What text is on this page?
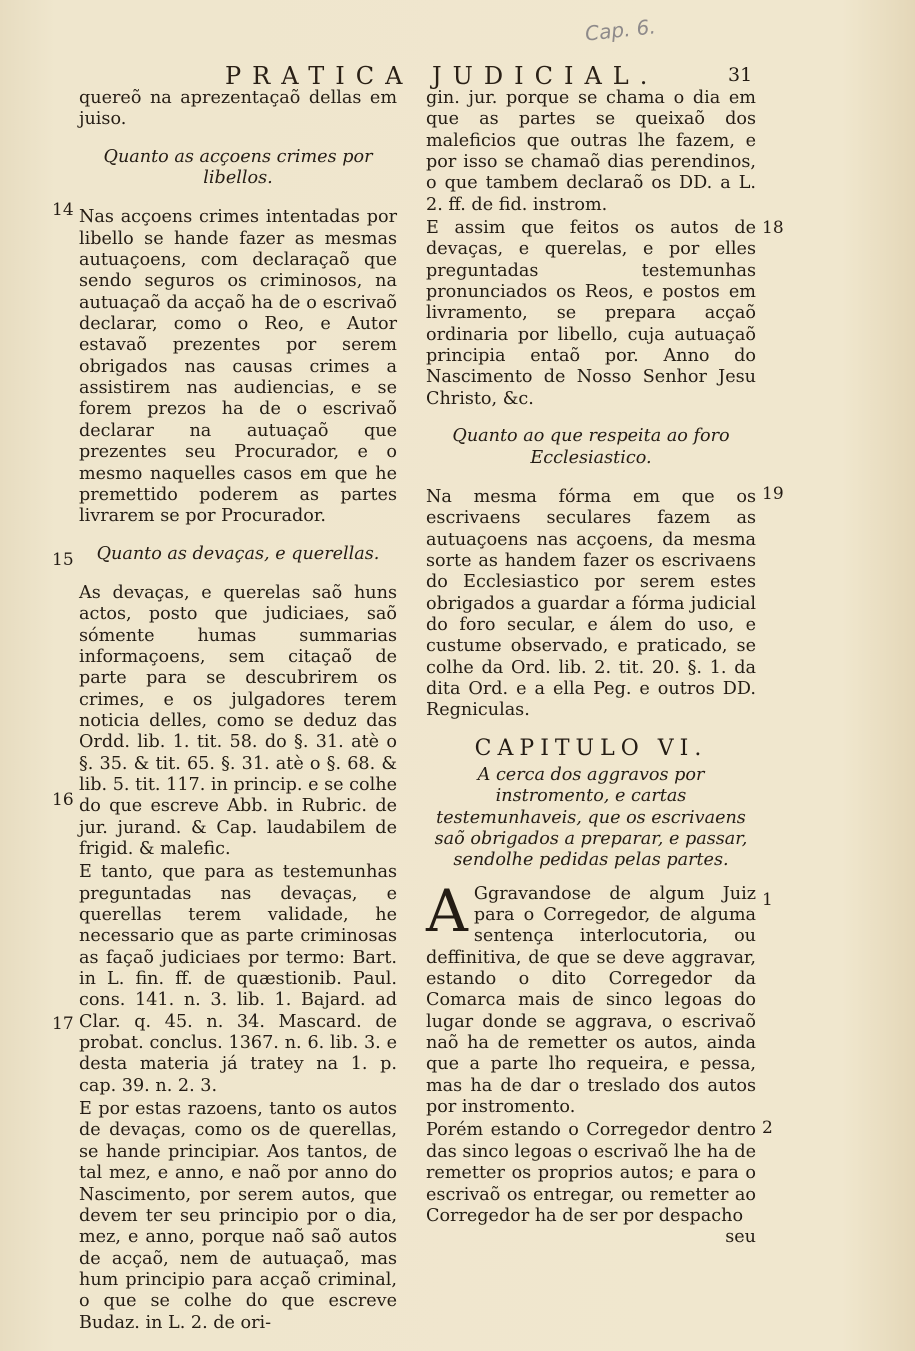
Cap. 6.
PRATICA JUDICIAL.	31
14
15
16
17
18
19
1
2

quereõ na aprezentaçaõ dellas em juiso.

Quanto as acçoens crimes por libellos.

Nas acçoens crimes intentadas por libello se hande fazer as mesmas autuaçoens, com declaraçaõ que sendo seguros os criminosos, na autuaçaõ da acçaõ ha de o escrivaõ declarar, como o Reo, e Autor estavaõ prezentes por serem obrigados nas causas crimes a assistirem nas audiencias, e se forem prezos ha de o escrivaõ declarar na autuaçaõ que prezentes seu Procurador, e o mesmo naquelles casos em que he premettido poderem as partes livrarem se por Procurador.

Quanto as devaças, e querellas.

As devaças, e querelas saõ huns actos, posto que judiciaes, saõ sómente humas summarias informaçoens, sem citaçaõ de parte para se descubrirem os crimes, e os julgadores terem noticia delles, como se deduz das Ordd. lib. 1. tit. 58. do §. 31. atè o §. 35. & tit. 65. §. 31. atè o §. 68. & lib. 5. tit. 117. in princip. e se colhe do que escreve Abb. in Rubric. de jur. jurand. & Cap. laudabilem de frigid. & malefic.

E tanto, que para as testemunhas preguntadas nas devaças, e querellas terem validade, he necessario que as parte criminosas as façaõ judiciaes por termo: Bart. in L. fin. ff. de quæstionib. Paul. cons. 141. n. 3. lib. 1. Bajard. ad Clar. q. 45. n. 34. Mascard. de probat. conclus. 1367. n. 6. lib. 3. e desta materia já tratey na 1. p. cap. 39. n. 2. 3.

E por estas razoens, tanto os autos de devaças, como os de querellas, se hande principiar. Aos tantos, de tal mez, e anno, e naõ por anno do Nascimento, por serem autos, que devem ter seu principio por o dia, mez, e anno, porque naõ saõ autos de acçaõ, nem de autuaçaõ, mas hum principio para acçaõ criminal, o que se colhe do que escreve Budaz. in L. 2. de ori-

gin. jur. porque se chama o dia em que as partes se queixaõ dos maleficios que outras lhe fazem, e por isso se chamaõ dias perendinos, o que tambem declaraõ os DD. a L. 2. ff. de fid. instrom.

E assim que feitos os autos de devaças, e querelas, e por elles preguntadas testemunhas pronunciados os Reos, e postos em livramento, se prepara acçaõ ordinaria por libello, cuja autuaçaõ principia entaõ por. Anno do Nascimento de Nosso Senhor Jesu Christo, &c.

Quanto ao que respeita ao foro Ecclesiastico.

Na mesma fórma em que os escrivaens seculares fazem as autuaçoens nas acçoens, da mesma sorte as handem fazer os escrivaens do Ecclesiastico por serem estes obrigados a guardar a fórma judicial do foro secular, e álem do uso, e custume observado, e praticado, se colhe da Ord. lib. 2. tit. 20. §. 1. da dita Ord. e a ella Peg. e outros DD. Regniculas.

CAPITULO VI.
A cerca dos aggravos por instromento, e cartas testemunhaveis, que os escrivaens saõ obrigados a preparar, e passar, sendolhe pedidas pelas partes.

A Ggravandose de algum Juiz para o Corregedor, de alguma sentença interlocutoria, ou deffinitiva, de que se deve aggravar, estando o dito Corregedor da Comarca mais de sinco legoas do lugar donde se aggrava, o escrivaõ naõ ha de remetter os autos, ainda que a parte lho requeira, e pessa, mas ha de dar o treslado dos autos por instromento.

Porém estando o Corregedor dentro das sinco legoas o escrivaõ lhe ha de remetter os proprios autos; e para o escrivaõ os entregar, ou remetter ao Corregedor ha de ser por despacho

seu
